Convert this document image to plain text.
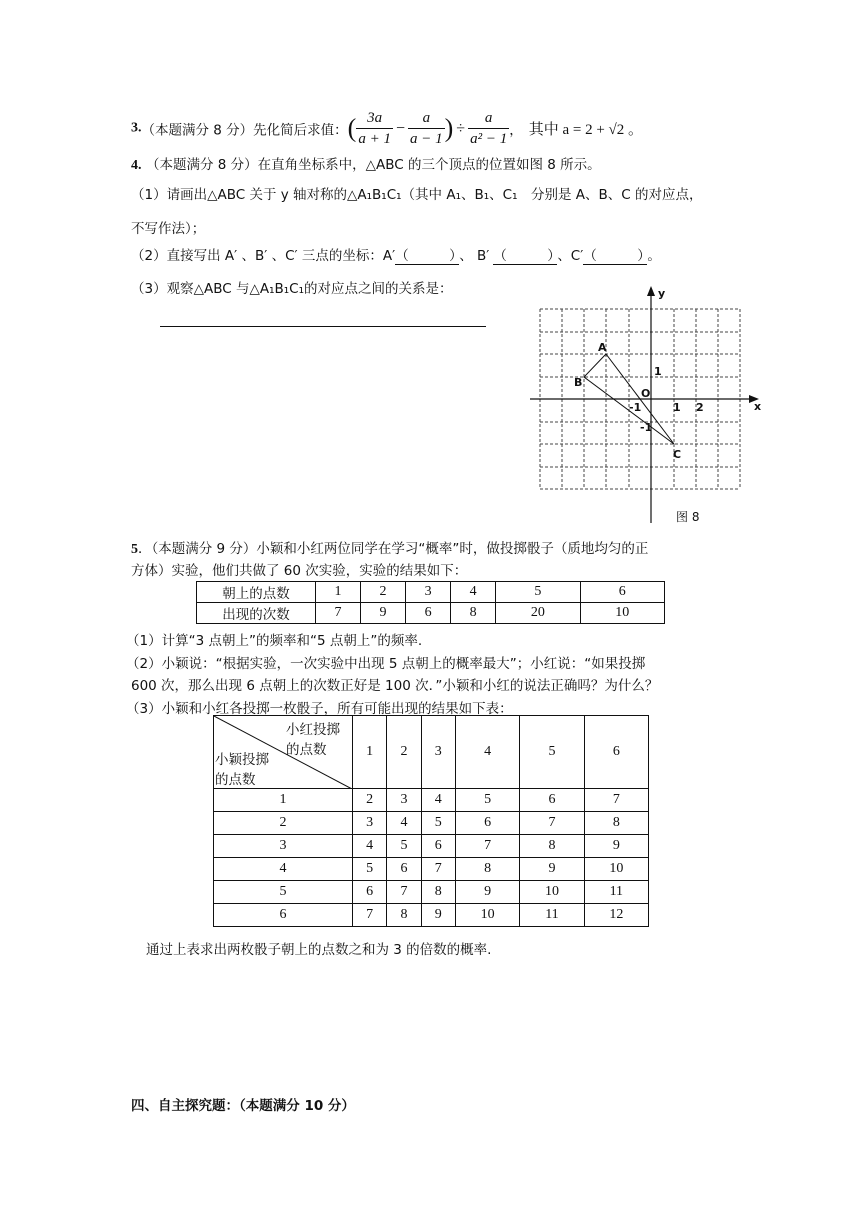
3.（本题满分 8 分）先化简后求值：( $\frac{3a}{a + 1} - \frac{a}{a - 1}$ ) ÷ $\frac{a}{\text{a² − 1}}$ ， 其中 a = 2 + √2 。
4. （本题满分 8 分）在直角坐标系中，△ABC 的三个顶点的位置如图 8 所示。
（1）请画出△ABC 关于 y 轴对称的△A₁B₁C₁（其中 A₁、B₁、C₁　分别是 A、B、C 的对应点，
不写作法）；
（2）直接写出 A′ 、B′ 、C′ 三点的坐标：A′（　　　）、 B′ （　　　）、C′（　　　）。
（3）观察△ABC 与△A₁B₁C₁的对应点之间的关系是：	y
x
O
A
B
C
1 2
-1
1
-1
图 8
5．（本题满分 9 分）小颖和小红两位同学在学习“概率”时，做投掷骰子（质地均匀的正
方体）实验，他们共做了 60 次实验，实验的结果如下：
朝上的点数	1	2	3	4	5	6
出现的次数	7	9	6	8	20	10
（1）计算“3 点朝上”的频率和“5 点朝上”的频率.
（2）小颖说：“根据实验，一次实验中出现 5 点朝上的概率最大”；小红说：“如果投掷
600 次，那么出现 6 点朝上的次数正好是 100 次．”小颖和小红的说法正确吗？为什么？
（3）小颖和小红各投掷一枚骰子，所有可能出现的结果如下表：
小红投掷
的点数
小颖投掷
的点数	1	2	3	4	5	6
1	2	3	4	5	6	7
2	3	4	5	6	7	8
3	4	5	6	7	8	9
4	5	6	7	8	9	10
5	6	7	8	9	10	11
6	7	8	9	10	11	12
通过上表求出两枚骰子朝上的点数之和为 3 的倍数的概率.
四、自主探究题：（本题满分 10 分）
